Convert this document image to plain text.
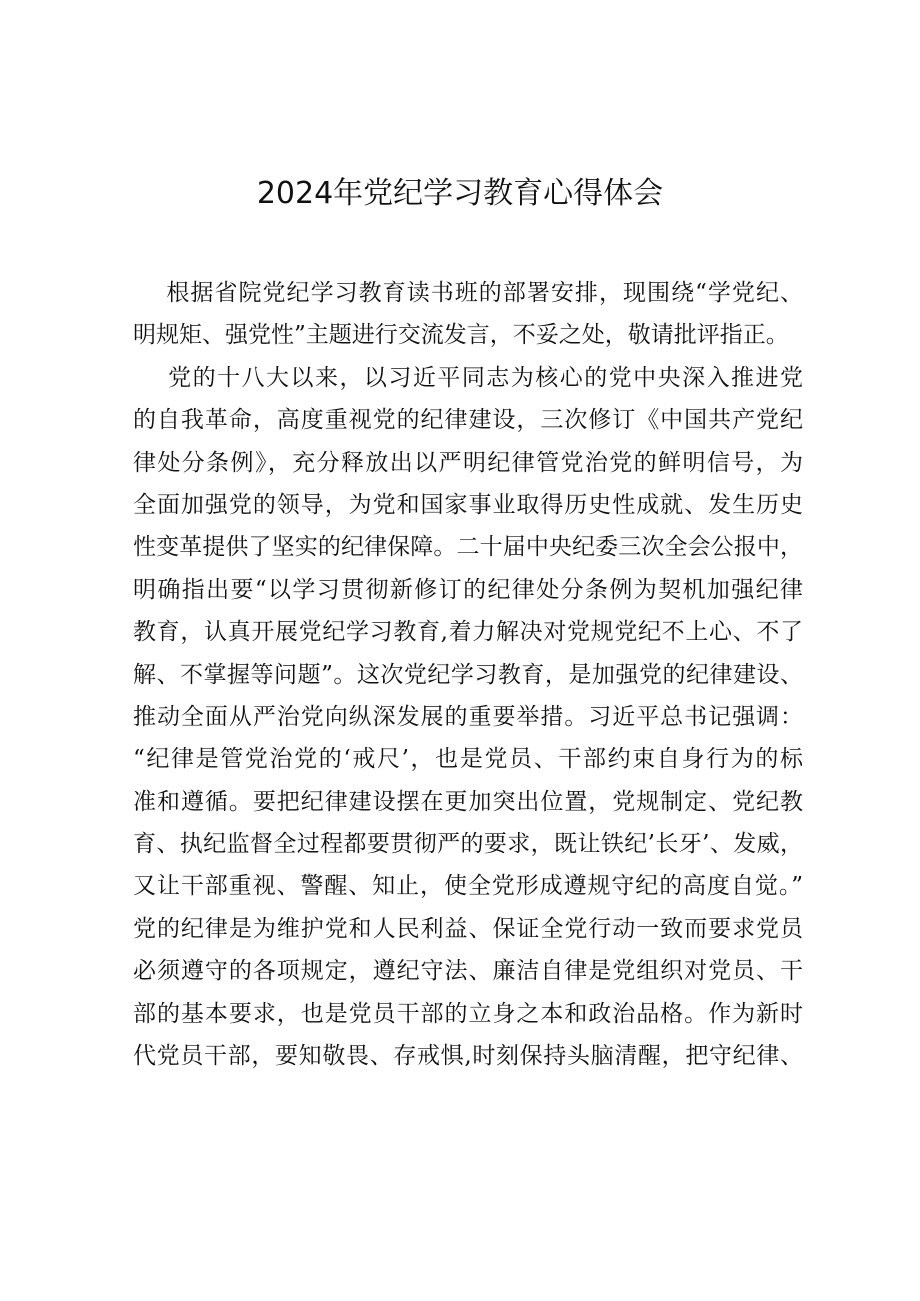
2024年党纪学习教育心得体会
根据省院党纪学习教育读书班的部署安排，现围绕“学党纪、
明规矩、强党性”主题进行交流发言，不妥之处，敬请批评指正。
党的十八大以来，以习近平同志为核心的党中央深入推进党
的自我革命，高度重视党的纪律建设，三次修订《中国共产党纪
律处分条例》，充分释放出以严明纪律管党治党的鲜明信号，为
全面加强党的领导，为党和国家事业取得历史性成就、发生历史
性变革提供了坚实的纪律保障。二十届中央纪委三次全会公报中，
明确指出要“以学习贯彻新修订的纪律处分条例为契机加强纪律
教育，认真开展党纪学习教育,着力解决对党规党纪不上心、不了
解、不掌握等问题”。这次党纪学习教育，是加强党的纪律建设、
推动全面从严治党向纵深发展的重要举措。习近平总书记强调：
“纪律是管党治党的‘戒尺’，也是党员、干部约束自身行为的标
准和遵循。要把纪律建设摆在更加突出位置，党规制定、党纪教
育、执纪监督全过程都要贯彻严的要求，既让铁纪’长牙’、发威，
又让干部重视、警醒、知止，使全党形成遵规守纪的高度自觉。”
党的纪律是为维护党和人民利益、保证全党行动一致而要求党员
必须遵守的各项规定，遵纪守法、廉洁自律是党组织对党员、干
部的基本要求，也是党员干部的立身之本和政治品格。作为新时
代党员干部，要知敬畏、存戒惧,时刻保持头脑清醒，把守纪律、
